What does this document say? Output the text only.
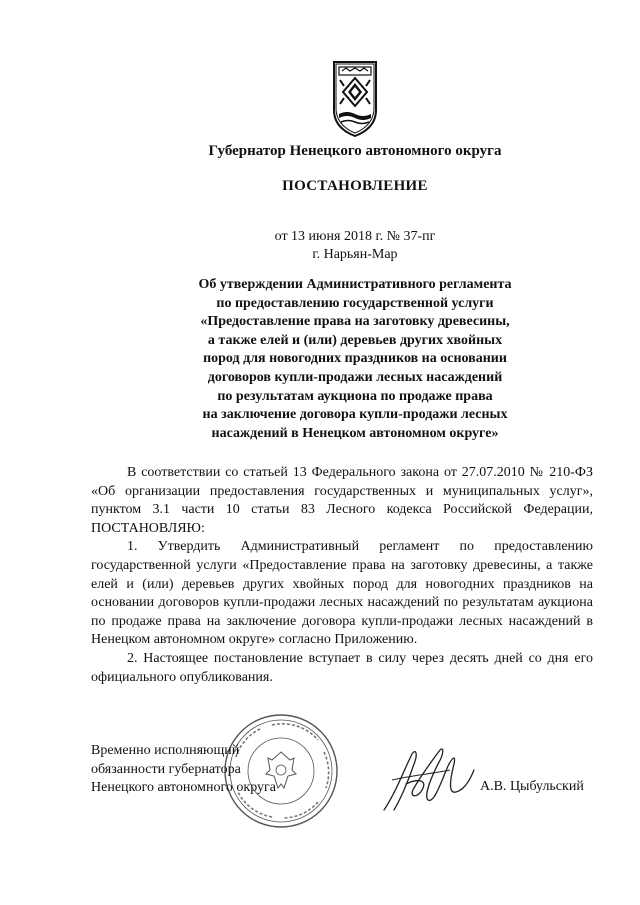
Губернатор Ненецкого автономного округа
ПОСТАНОВЛЕНИЕ
от 13 июня 2018 г. № 37-пг
г. Нарьян-Мар
Об утверждении Административного регламента
по предоставлению государственной услуги
«Предоставление права на заготовку древесины,
а также елей и (или) деревьев других хвойных
пород для новогодних праздников на основании
договоров купли-продажи лесных насаждений
по результатам аукциона по продаже права
на заключение договора купли-продажи лесных
насаждений в Ненецком автономном округе»

В соответствии со статьей 13 Федерального закона от 27.07.2010 № 210-ФЗ «Об организации предоставления государственных и муниципальных услуг», пунктом 3.1 части 10 статьи 83 Лесного кодекса Российской Федерации, ПОСТАНОВЛЯЮ:

1. Утвердить Административный регламент по предоставлению государственной услуги «Предоставление права на заготовку древесины, а также елей и (или) деревьев других хвойных пород для новогодних праздников на основании договоров купли-продажи лесных насаждений по результатам аукциона по продаже права на заключение договора купли-продажи лесных насаждений в Ненецком автономном округе» согласно Приложению.

2. Настоящее постановление вступает в силу через десять дней со дня его официального опубликования.

Временно исполняющий
обязанности губернатора
Ненецкого автономного округа	А.В. Цыбульский
